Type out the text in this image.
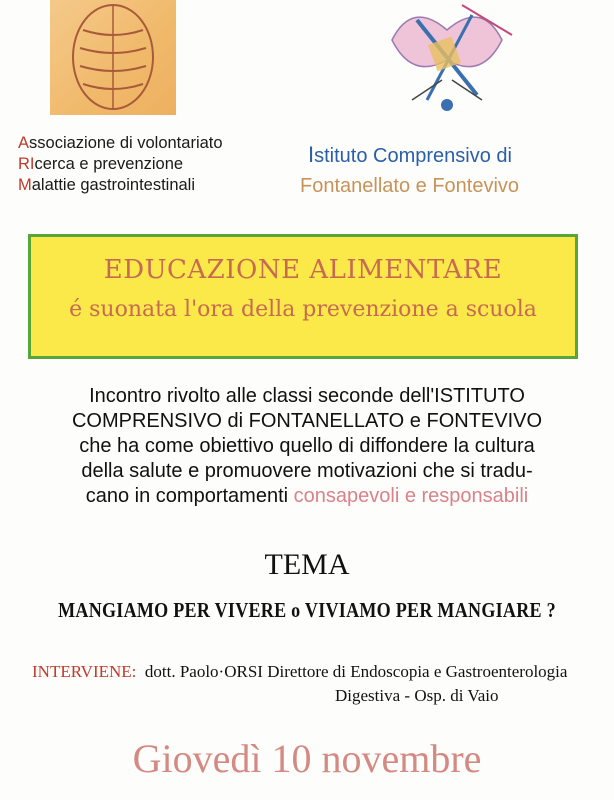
Associazione di volontariato
RIcerca e prevenzione
Malattie gastrointestinali
Istituto Comprensivo di
Fontanellato e Fontevivo
EDUCAZIONE ALIMENTARE
é suonata l'ora della prevenzione a scuola
Incontro rivolto alle classi seconde dell'ISTITUTO
COMPRENSIVO di FONTANELLATO e FONTEVIVO
che ha come obiettivo quello di diffondere la cultura
della salute e promuovere motivazioni che si tradu-
cano in comportamenti consapevoli e responsabili
TEMA
MANGIAMO PER VIVERE o VIVIAMO PER MANGIARE ?
INTERVIENE: dott. Paolo·ORSI Direttore di Endoscopia e Gastroenterologia
Digestiva - Osp. di Vaio
Giovedì 10 novembre
